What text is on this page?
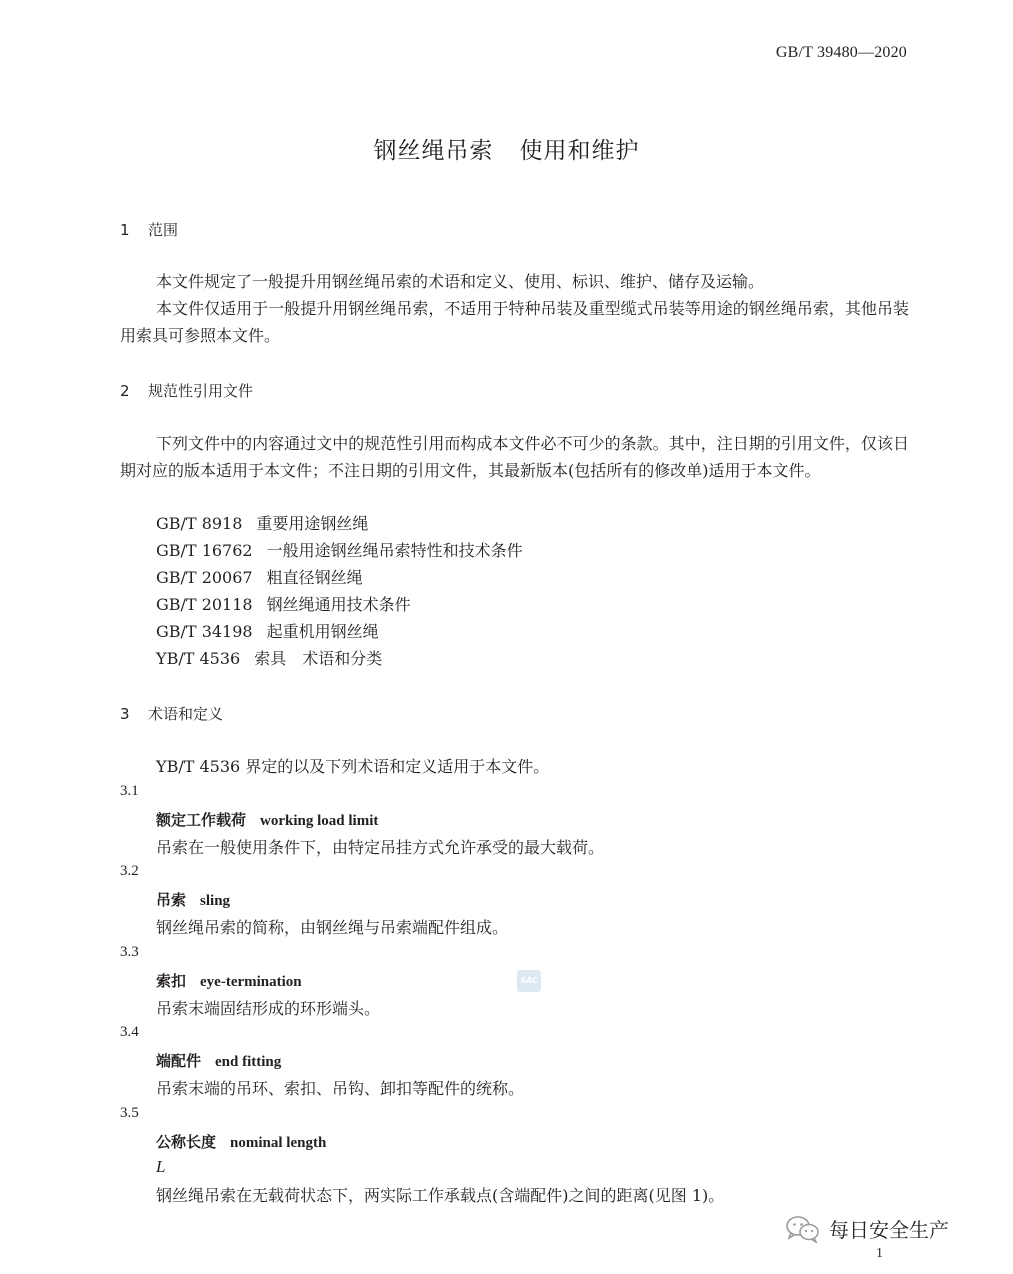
GB/T 39480—2020
钢丝绳吊索 使用和维护
1 范围
本文件规定了一般提升用钢丝绳吊索的术语和定义、使用、标识、维护、储存及运输。
本文件仅适用于一般提升用钢丝绳吊索，不适用于特种吊装及重型缆式吊装等用途的钢丝绳吊索，其他吊装用索具可参照本文件。
2 规范性引用文件
下列文件中的内容通过文中的规范性引用而构成本文件必不可少的条款。其中，注日期的引用文件，仅该日期对应的版本适用于本文件；不注日期的引用文件，其最新版本(包括所有的修改单)适用于本文件。
GB/T 8918 重要用途钢丝绳
GB/T 16762 一般用途钢丝绳吊索特性和技术条件
GB/T 20067 粗直径钢丝绳
GB/T 20118 钢丝绳通用技术条件
GB/T 34198 起重机用钢丝绳
YB/T 4536 索具　术语和分类
3 术语和定义
YB/T 4536 界定的以及下列术语和定义适用于本文件。
3.1
额定工作载荷 working load limit
吊索在一般使用条件下，由特定吊挂方式允许承受的最大载荷。
3.2
吊索 sling
钢丝绳吊索的简称，由钢丝绳与吊索端配件组成。
3.3
索扣 eye-termination
吊索末端固结形成的环形端头。
3.4
端配件 end fitting
吊索末端的吊环、索扣、吊钩、卸扣等配件的统称。
3.5
公称长度 nominal length
L
钢丝绳吊索在无载荷状态下，两实际工作承载点(含端配件)之间的距离(见图 1)。
SAC
每日安全生产
1
